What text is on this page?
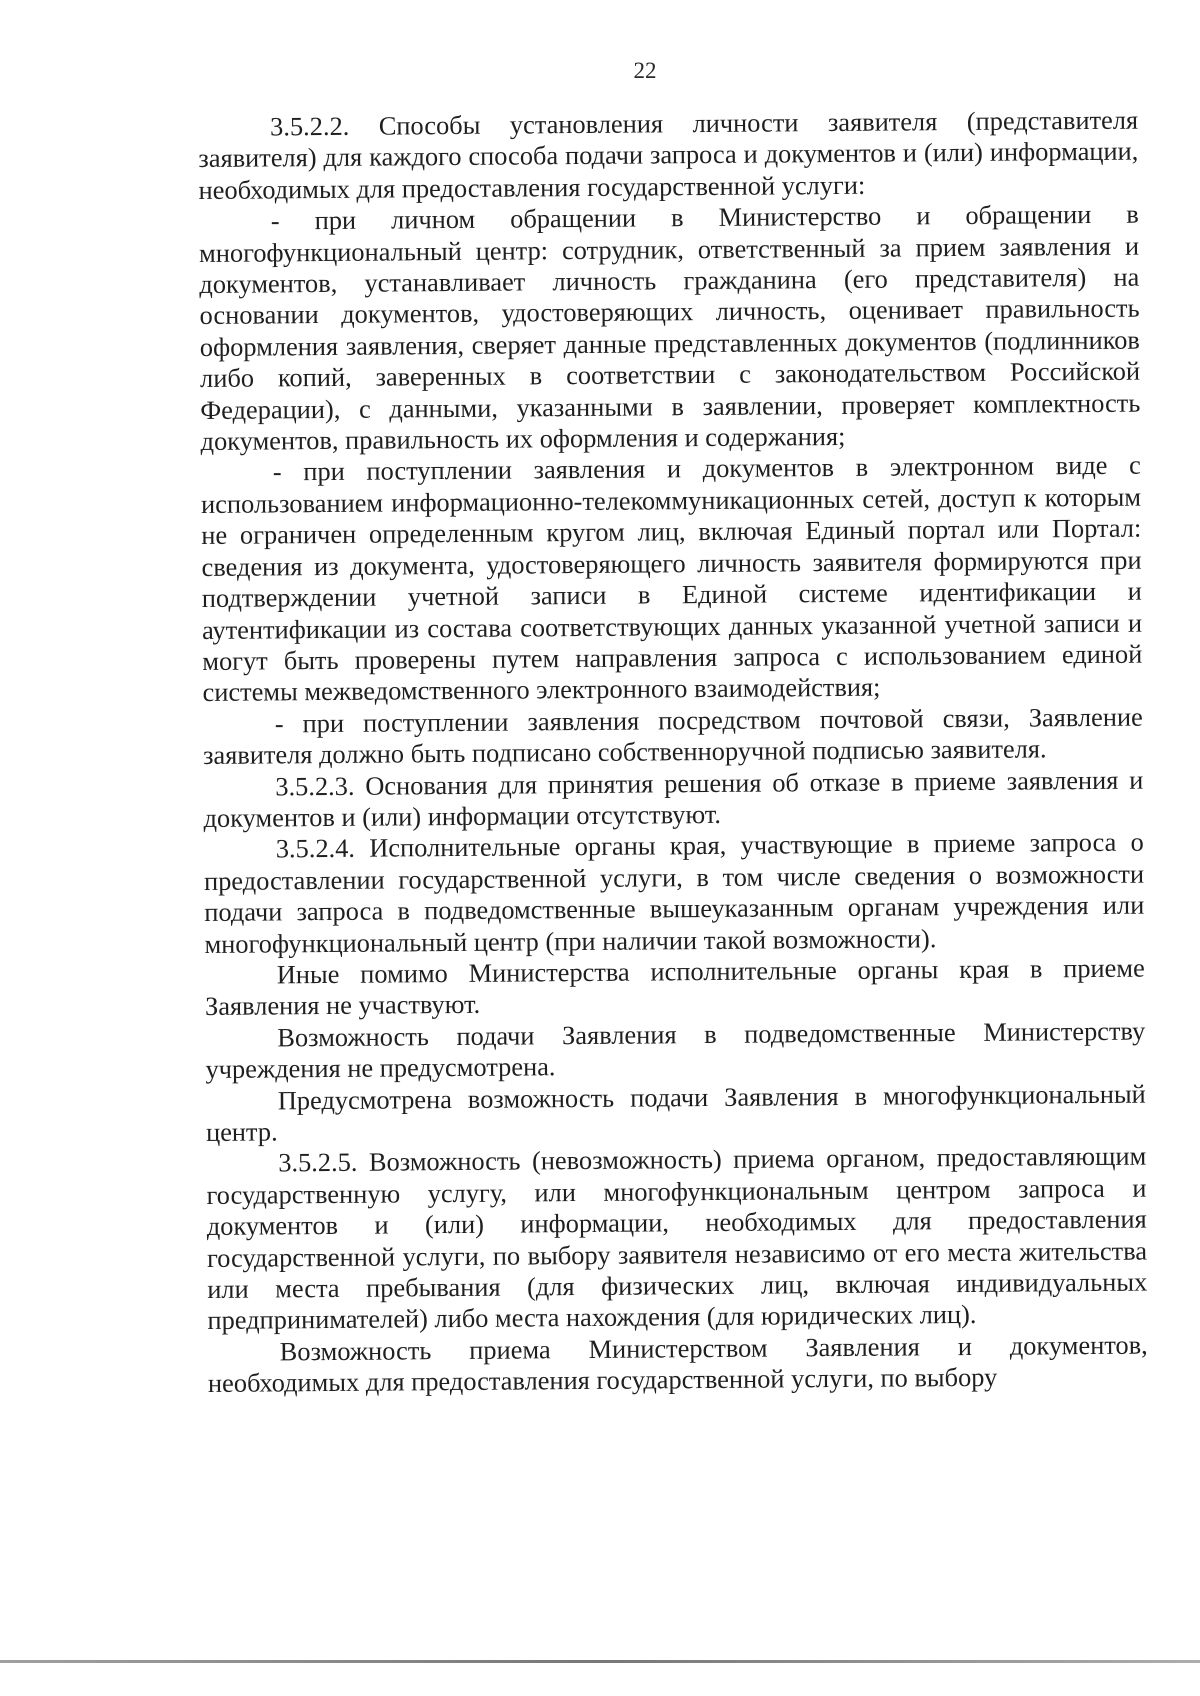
22

3.5.2.2. Способы установления личности заявителя (представителя заявителя) для каждого способа подачи запроса и документов и (или) информации, необходимых для предоставления государственной услуги:

- при личном обращении в Министерство и обращении в многофункциональный центр: сотрудник, ответственный за прием заявления и документов, устанавливает личность гражданина (его представителя) на основании документов, удостоверяющих личность, оценивает правильность оформления заявления, сверяет данные представленных документов (подлинников либо копий, заверенных в соответствии с законодательством Российской Федерации), с данными, указанными в заявлении, проверяет комплектность документов, правильность их оформления и содержания;

- при поступлении заявления и документов в электронном виде с использованием информационно-телекоммуникационных сетей, доступ к которым не ограничен определенным кругом лиц, включая Единый портал или Портал: сведения из документа, удостоверяющего личность заявителя формируются при подтверждении учетной записи в Единой системе идентификации и аутентификации из состава соответствующих данных указанной учетной записи и могут быть проверены путем направления запроса с использованием единой системы межведомственного электронного взаимодействия;

- при поступлении заявления посредством почтовой связи, Заявление заявителя должно быть подписано собственноручной подписью заявителя.

3.5.2.3. Основания для принятия решения об отказе в приеме заявления и документов и (или) информации отсутствуют.

3.5.2.4. Исполнительные органы края, участвующие в приеме запроса о предоставлении государственной услуги, в том числе сведения о возможности подачи запроса в подведомственные вышеуказанным органам учреждения или многофункциональный центр (при наличии такой возможности).

Иные помимо Министерства исполнительные органы края в приеме Заявления не участвуют.

Возможность подачи Заявления в подведомственные Министерству учреждения не предусмотрена.

Предусмотрена возможность подачи Заявления в многофункциональный центр.

3.5.2.5. Возможность (невозможность) приема органом, предоставляющим государственную услугу, или многофункциональным центром запроса и документов и (или) информации, необходимых для предоставления государственной услуги, по выбору заявителя независимо от его места жительства или места пребывания (для физических лиц, включая индивидуальных предпринимателей) либо места нахождения (для юридических лиц).

Возможность приема Министерством Заявления и документов, необходимых для предоставления государственной услуги, по выбору
